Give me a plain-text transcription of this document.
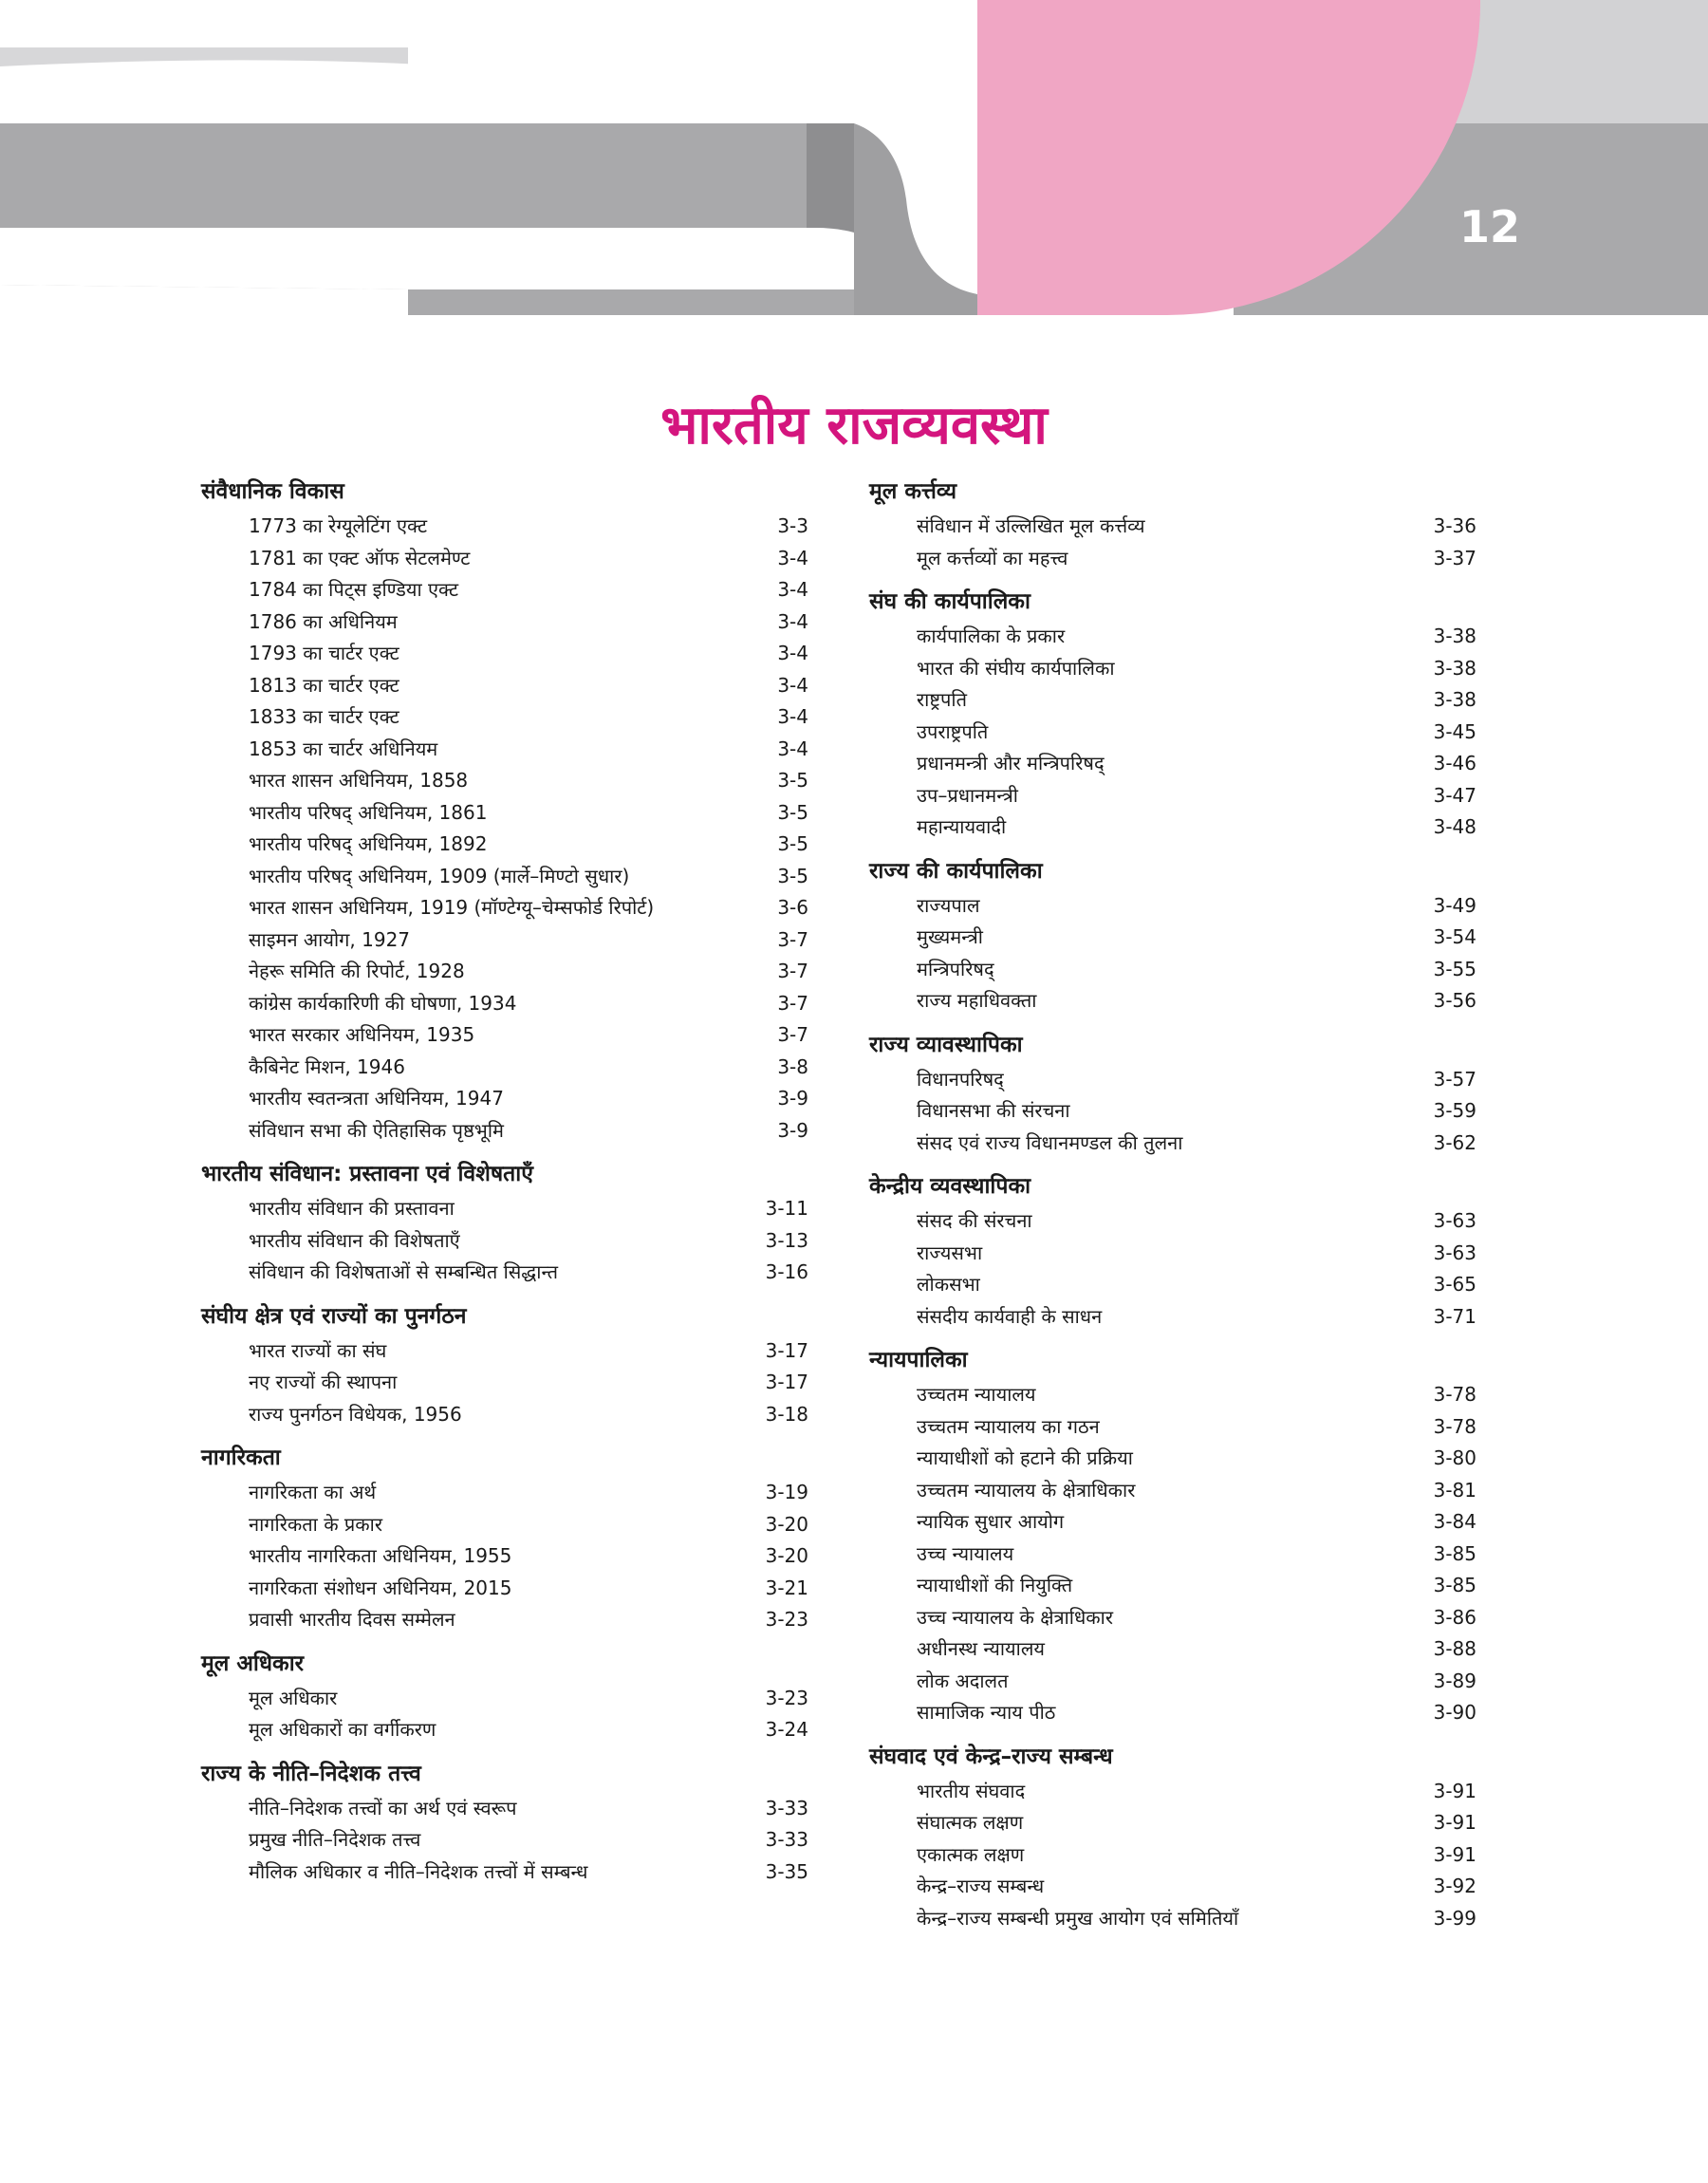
12
भारतीय राजव्यवस्था
संवैधानिक विकास
1773 का रेग्यूलेटिंग एक्ट	3-3
1781 का एक्ट ऑफ सेटलमेण्ट	3-4
1784 का पिट्स इण्डिया एक्ट	3-4
1786 का अधिनियम	3-4
1793 का चार्टर एक्ट	3-4
1813 का चार्टर एक्ट	3-4
1833 का चार्टर एक्ट	3-4
1853 का चार्टर अधिनियम	3-4
भारत शासन अधिनियम, 1858	3-5
भारतीय परिषद् अधिनियम, 1861	3-5
भारतीय परिषद् अधिनियम, 1892	3-5
भारतीय परिषद् अधिनियम, 1909 (मार्ले–मिण्टो सुधार)	3-5
भारत शासन अधिनियम, 1919 (मॉण्टेग्यू–चेम्सफोर्ड रिपोर्ट)	3-6
साइमन आयोग, 1927	3-7
नेहरू समिति की रिपोर्ट, 1928	3-7
कांग्रेस कार्यकारिणी की घोषणा, 1934	3-7
भारत सरकार अधिनियम, 1935	3-7
कैबिनेट मिशन, 1946	3-8
भारतीय स्वतन्त्रता अधिनियम, 1947	3-9
संविधान सभा की ऐतिहासिक पृष्ठभूमि	3-9
भारतीय संविधान: प्रस्तावना एवं विशेषताएँ
भारतीय संविधान की प्रस्तावना	3-11
भारतीय संविधान की विशेषताएँ	3-13
संविधान की विशेषताओं से सम्बन्धित सिद्धान्त	3-16
संघीय क्षेत्र एवं राज्यों का पुनर्गठन
भारत राज्यों का संघ	3-17
नए राज्यों की स्थापना	3-17
राज्य पुनर्गठन विधेयक, 1956	3-18
नागरिकता
नागरिकता का अर्थ	3-19
नागरिकता के प्रकार	3-20
भारतीय नागरिकता अधिनियम, 1955	3-20
नागरिकता संशोधन अधिनियम, 2015	3-21
प्रवासी भारतीय दिवस सम्मेलन	3-23
मूल अधिकार
मूल अधिकार	3-23
मूल अधिकारों का वर्गीकरण	3-24
राज्य के नीति–निदेशक तत्त्व
नीति–निदेशक तत्त्वों का अर्थ एवं स्वरूप	3-33
प्रमुख नीति–निदेशक तत्त्व	3-33
मौलिक अधिकार व नीति–निदेशक तत्त्वों में सम्बन्ध	3-35
मूल कर्त्तव्य
संविधान में उल्लिखित मूल कर्त्तव्य	3-36
मूल कर्त्तव्यों का महत्त्व	3-37
संघ की कार्यपालिका
कार्यपालिका के प्रकार	3-38
भारत की संघीय कार्यपालिका	3-38
राष्ट्रपति	3-38
उपराष्ट्रपति	3-45
प्रधानमन्त्री और मन्त्रिपरिषद्	3-46
उप–प्रधानमन्त्री	3-47
महान्यायवादी	3-48
राज्य की कार्यपालिका
राज्यपाल	3-49
मुख्यमन्त्री	3-54
मन्त्रिपरिषद्	3-55
राज्य महाधिवक्ता	3-56
राज्य व्यावस्थापिका
विधानपरिषद्	3-57
विधानसभा की संरचना	3-59
संसद एवं राज्य विधानमण्डल की तुलना	3-62
केन्द्रीय व्यवस्थापिका
संसद की संरचना	3-63
राज्यसभा	3-63
लोकसभा	3-65
संसदीय कार्यवाही के साधन	3-71
न्यायपालिका
उच्चतम न्यायालय	3-78
उच्चतम न्यायालय का गठन	3-78
न्यायाधीशों को हटाने की प्रक्रिया	3-80
उच्चतम न्यायालय के क्षेत्राधिकार	3-81
न्यायिक सुधार आयोग	3-84
उच्च न्यायालय	3-85
न्यायाधीशों की नियुक्ति	3-85
उच्च न्यायालय के क्षेत्राधिकार	3-86
अधीनस्थ न्यायालय	3-88
लोक अदालत	3-89
सामाजिक न्याय पीठ	3-90
संघवाद एवं केन्द्र–राज्य सम्बन्ध
भारतीय संघवाद	3-91
संघात्मक लक्षण	3-91
एकात्मक लक्षण	3-91
केन्द्र–राज्य सम्बन्ध	3-92
केन्द्र–राज्य सम्बन्धी प्रमुख आयोग एवं समितियाँ	3-99
